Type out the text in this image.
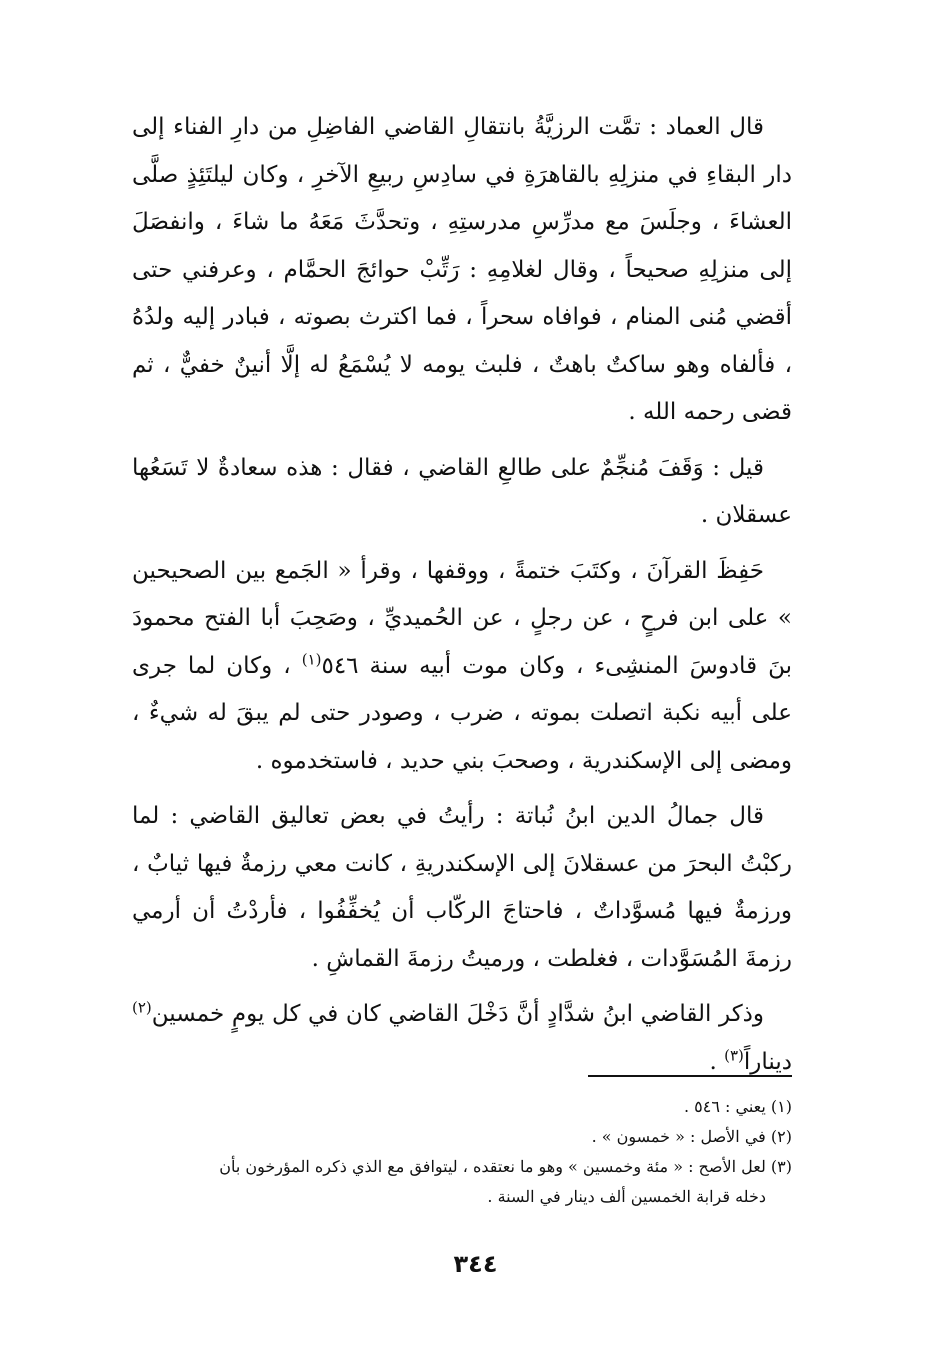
قال العماد : تمَّت الرزيَّةُ بانتقالِ القاضي الفاضِلِ من دارِ الفناء إلى دار البقاءِ في منزلِهِ بالقاهرَةِ في سادِسِ ربيعِ الآخرِ ، وكان ليلتَئِذٍ صلَّى العشاءَ ، وجلَسَ مع مدرِّسِ مدرستِهِ ، وتحدَّثَ مَعَهُ ما شاءَ ، وانفصَلَ إلى منزلِهِ صحيحاً ، وقال لغلامِهِ : رَتِّبْ حوائجَ الحمَّام ، وعرفني حتى أقضي مُنى المنام ، فوافاه سحراً ، فما اكترث بصوته ، فبادر إليه ولدُهُ ، فألفاه وهو ساكتٌ باهتٌ ، فلبث يومه لا يُسْمَعُ له إلَّا أنينٌ خفيٌّ ، ثم قضى رحمه الله .

قيل : وَقَفَ مُنجِّمٌ على طالعِ القاضي ، فقال : هذه سعادةٌ لا تَسَعُها عسقلان .

حَفِظَ القرآنَ ، وكتَبَ ختمةً ، ووقفها ، وقرأ « الجَمع بين الصحيحين » على ابن فرحٍ ، عن رجلٍ ، عن الحُميديِّ ، وصَحِبَ أبا الفتح محمودَ بنَ قادوسَ المنشِىء ، وكان موت أبيه سنة ٥٤٦$^{(١)}$ ، وكان لما جرى على أبيه نكبة اتصلت بموته ، ضرب ، وصودر حتى لم يبقَ له شيءٌ ، ومضى إلى الإسكندرية ، وصحبَ بني حديد ، فاستخدموه .

قال جمالُ الدين ابنُ نُباتة : رأيتُ في بعض تعاليق القاضي : لما ركبْتُ البحرَ من عسقلانَ إلى الإسكندريةِ ، كانت معي رزمةٌ فيها ثيابٌ ، ورزمةٌ فيها مُسوَّداتٌ ، فاحتاجَ الركّاب أن يُخفِّفُوا ، فأردْتُ أن أرمي رزمةَ المُسَوَّدات ، فغلطت ، ورميتُ رزمةَ القماشِ .

وذكر القاضي ابنُ شدَّادٍ أنَّ دَخْلَ القاضي كان في كل يومٍ خمسين$^{(٢)}$ ديناراً$^{(٣)}$ .

(١) يعني : ٥٤٦ .

(٢) في الأصل : « خمسون » .

(٣) لعل الأصح : « مئة وخمسين » وهو ما نعتقده ، ليتوافق مع الذي ذكره المؤرخون بأن

دخله قرابة الخمسين ألف دينار في السنة .

٣٤٤
